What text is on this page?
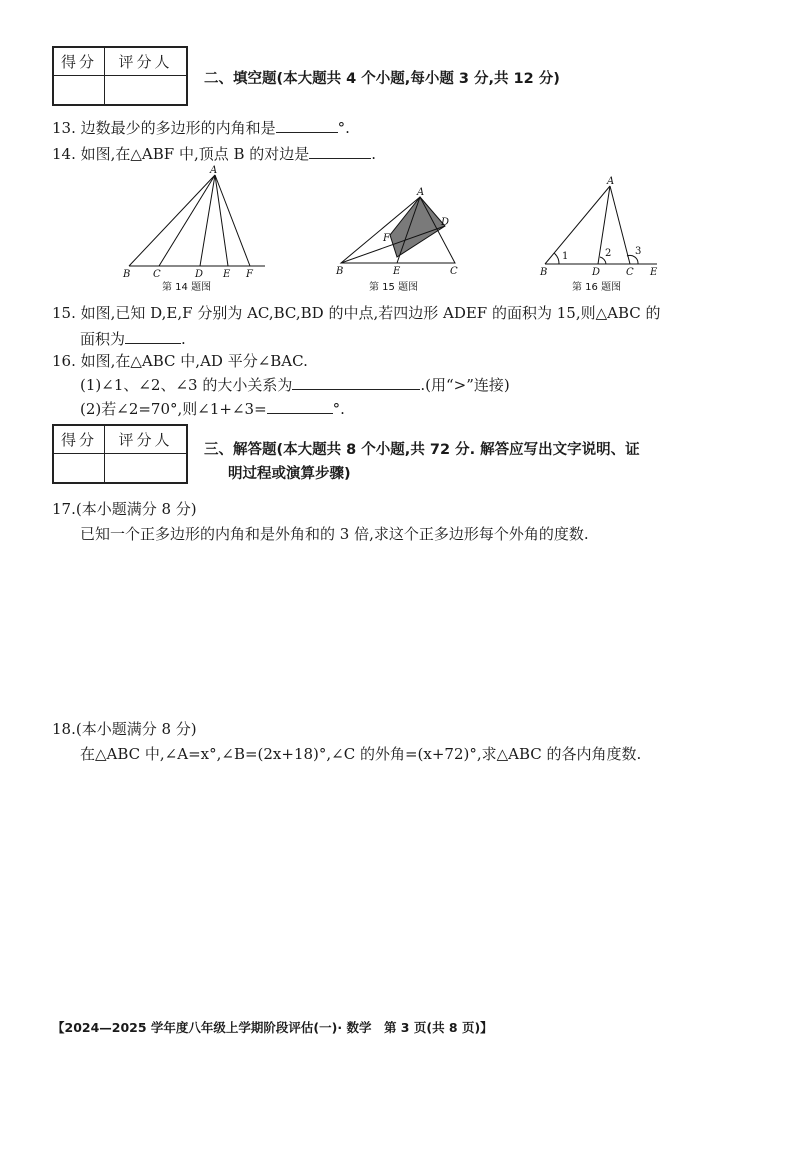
得分	评分人

二、填空题(本大题共 4 个小题,每小题 3 分,共 12 分)
13. 边数最少的多边形的内角和是	°.
14. 如图,在△ABF 中,顶点 B 的对边是	.
A
B C	D E F
第 14 题图
A
B	C
D
E
F
第 15 题图
A
B	D	C E
1	2 3
第 16 题图
15. 如图,已知 D,E,F 分别为 AC,BC,BD 的中点,若四边形 ADEF 的面积为 15,则△ABC 的
面积为	.
16. 如图,在△ABC 中,AD 平分∠BAC.
(1)∠1、∠2、∠3 的大小关系为	.(用“>”连接)
(2)若∠2=70°,则∠1+∠3=	°.
得分	评分人

三、解答题(本大题共 8 个小题,共 72 分. 解答应写出文字说明、证
明过程或演算步骤)
17.(本小题满分 8 分)
已知一个正多边形的内角和是外角和的 3 倍,求这个正多边形每个外角的度数.
18.(本小题满分 8 分)
在△ABC 中,∠A=x°,∠B=(2x+18)°,∠C 的外角=(x+72)°,求△ABC 的各内角度数.
【2024—2025 学年度八年级上学期阶段评估(一)· 数学　第 3 页(共 8 页)】
